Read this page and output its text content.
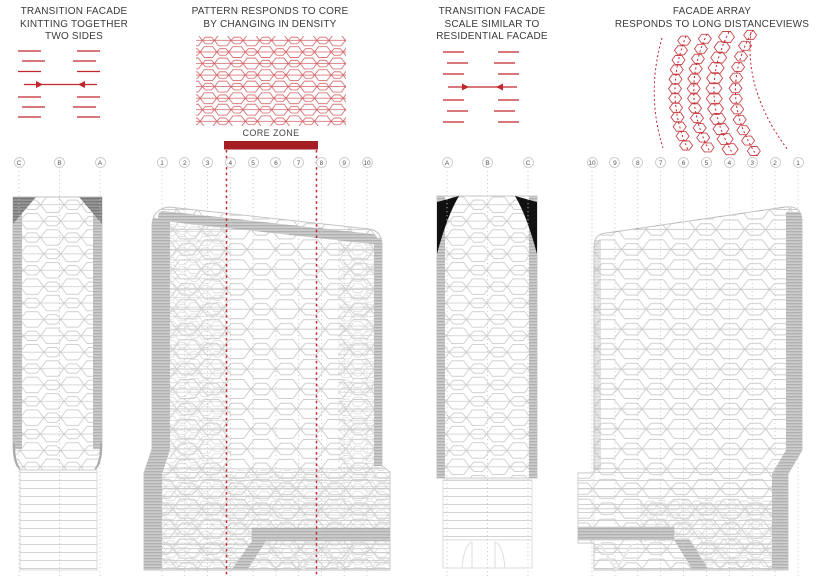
TRANSITION FACADE
KINTTING TOGETHER
TWO SIDES
PATTERN RESPONDS TO CORE
BY CHANGING IN DENSITY
TRANSITION FACADE
SCALE SIMILAR TO
RESIDENTIAL FACADE
FACADE ARRAY
RESPONDS TO LONG DISTANCEVIEWS
CORE ZONE
C	B	A	1	2	3	4	5	6	7	8	9	10	A	B	C	10	9	8	7	6	5	4	3	2	1
